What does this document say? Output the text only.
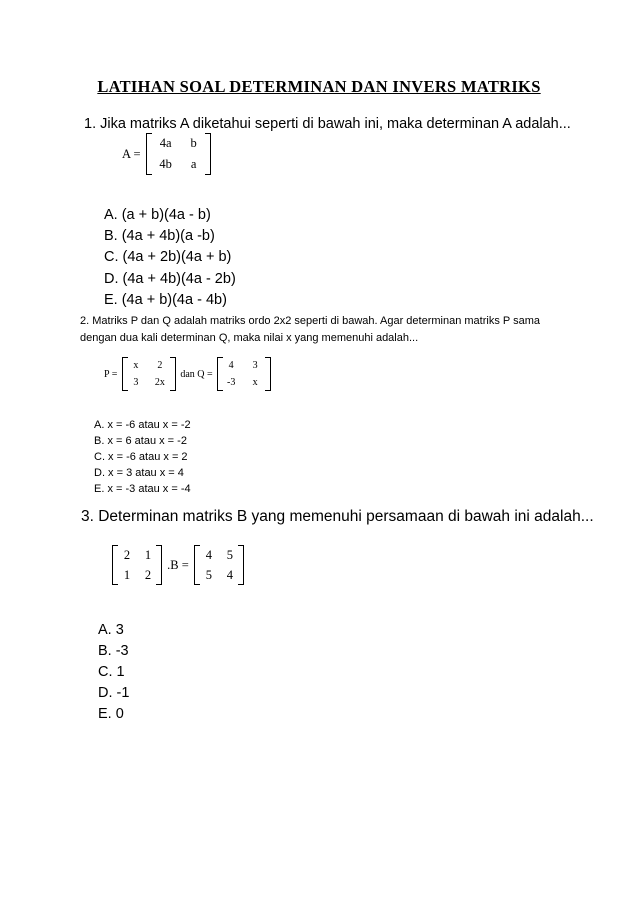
LATIHAN SOAL DETERMINAN DAN INVERS MATRIKS
1. Jika matriks A diketahui seperti di bawah ini, maka determinan A adalah...
A =
4a	b
4b	a
A. (a + b)(4a - b)
B. (4a + 4b)(a -b)
C. (4a + 2b)(4a + b)
D. (4a + 4b)(4a - 2b)
E. (4a + b)(4a - 4b)
2. Matriks P dan Q adalah matriks ordo 2x2 seperti di bawah. Agar determinan matriks P sama dengan dua kali determinan Q, maka nilai x yang memenuhi adalah...
P =
x	2
3	2x
dan Q =
4	3
-3	x
A. x = -6 atau x = -2
B. x = 6 atau x = -2
C. x = -6 atau x = 2
D. x = 3 atau x = 4
E. x = -3 atau x = -4
3. Determinan matriks B yang memenuhi persamaan di bawah ini adalah...
2	1
1	2
.B =
4	5
5	4
A. 3
B. -3
C. 1
D. -1
E. 0
